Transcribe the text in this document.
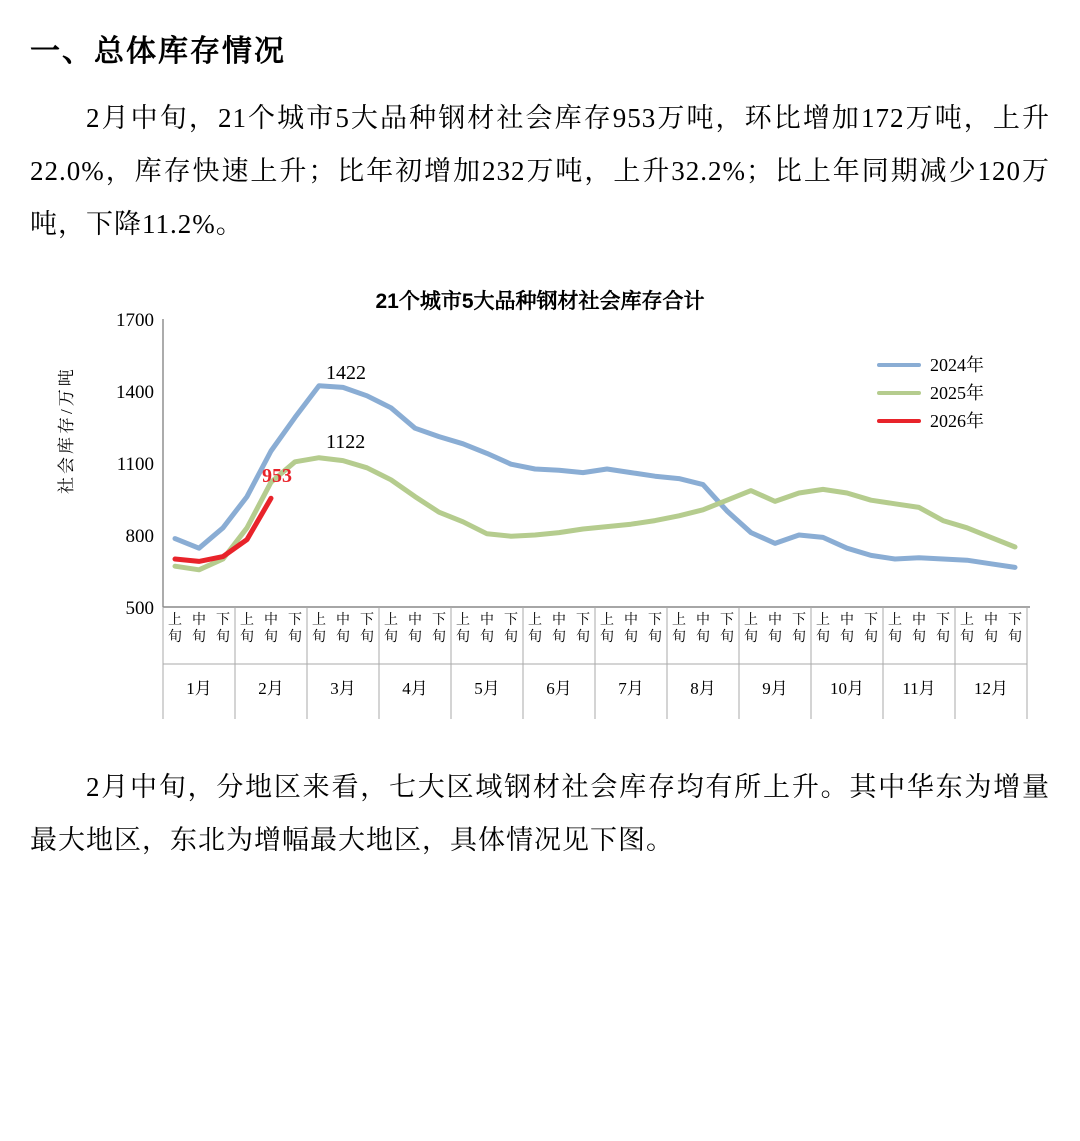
一、总体库存情况

2月中旬，21个城市5大品种钢材社会库存953万吨，环比增加172万吨，上升22.0%，库存快速上升；比年初增加232万吨，上升32.2%；比上年同期减少120万吨，下降11.2%。

21个城市5大品种钢材社会库存合计
社会库存/万吨
1700
1400
1100
800
500
1422
1122
953
2024年
2025年
2026年
上
旬
中
旬
下
旬
上
旬
中
旬
下
旬
上
旬
中
旬
下
旬
上
旬
中
旬
下
旬
上
旬
中
旬
下
旬
上
旬
中
旬
下
旬
上
旬
中
旬
下
旬
上
旬
中
旬
下
旬
上
旬
中
旬
下
旬
上
旬
中
旬
下
旬
上
旬
中
旬
下
旬
上
旬
中
旬
下
旬
1月	2月	3月	4月	5月	6月	7月	8月	9月	10月	11月	12月

2月中旬，分地区来看，七大区域钢材社会库存均有所上升。其中华东为增量最大地区，东北为增幅最大地区，具体情况见下图。
